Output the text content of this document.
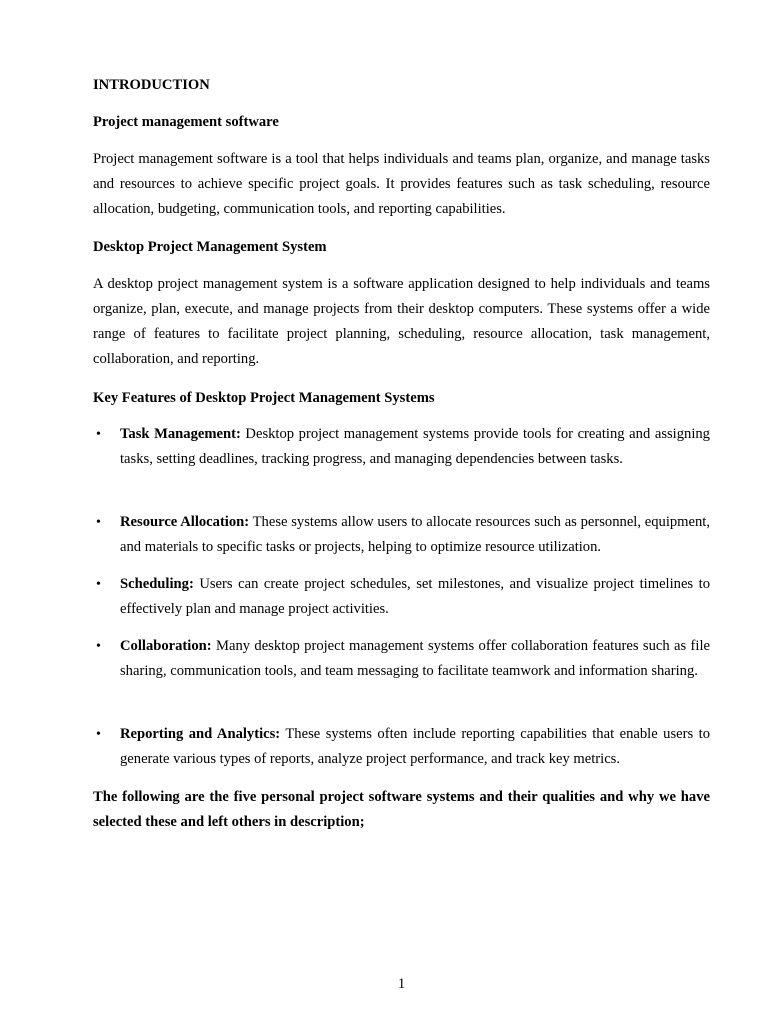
INTRODUCTION

Project management software

Project management software is a tool that helps individuals and teams plan, organize, and manage tasks and resources to achieve specific project goals. It provides features such as task scheduling, resource allocation, budgeting, communication tools, and reporting capabilities.

Desktop Project Management System

A desktop project management system is a software application designed to help individuals and teams organize, plan, execute, and manage projects from their desktop computers. These systems offer a wide range of features to facilitate project planning, scheduling, resource allocation, task management, collaboration, and reporting.

Key Features of Desktop Project Management Systems

• Task Management: Desktop project management systems provide tools for creating and assigning tasks, setting deadlines, tracking progress, and managing dependencies between tasks.
• Resource Allocation: These systems allow users to allocate resources such as personnel, equipment, and materials to specific tasks or projects, helping to optimize resource utilization.
• Scheduling: Users can create project schedules, set milestones, and visualize project timelines to effectively plan and manage project activities.
• Collaboration: Many desktop project management systems offer collaboration features such as file sharing, communication tools, and team messaging to facilitate teamwork and information sharing.
• Reporting and Analytics: These systems often include reporting capabilities that enable users to generate various types of reports, analyze project performance, and track key metrics.

The following are the five personal project software systems and their qualities and why we have selected these and left others in description;

1
